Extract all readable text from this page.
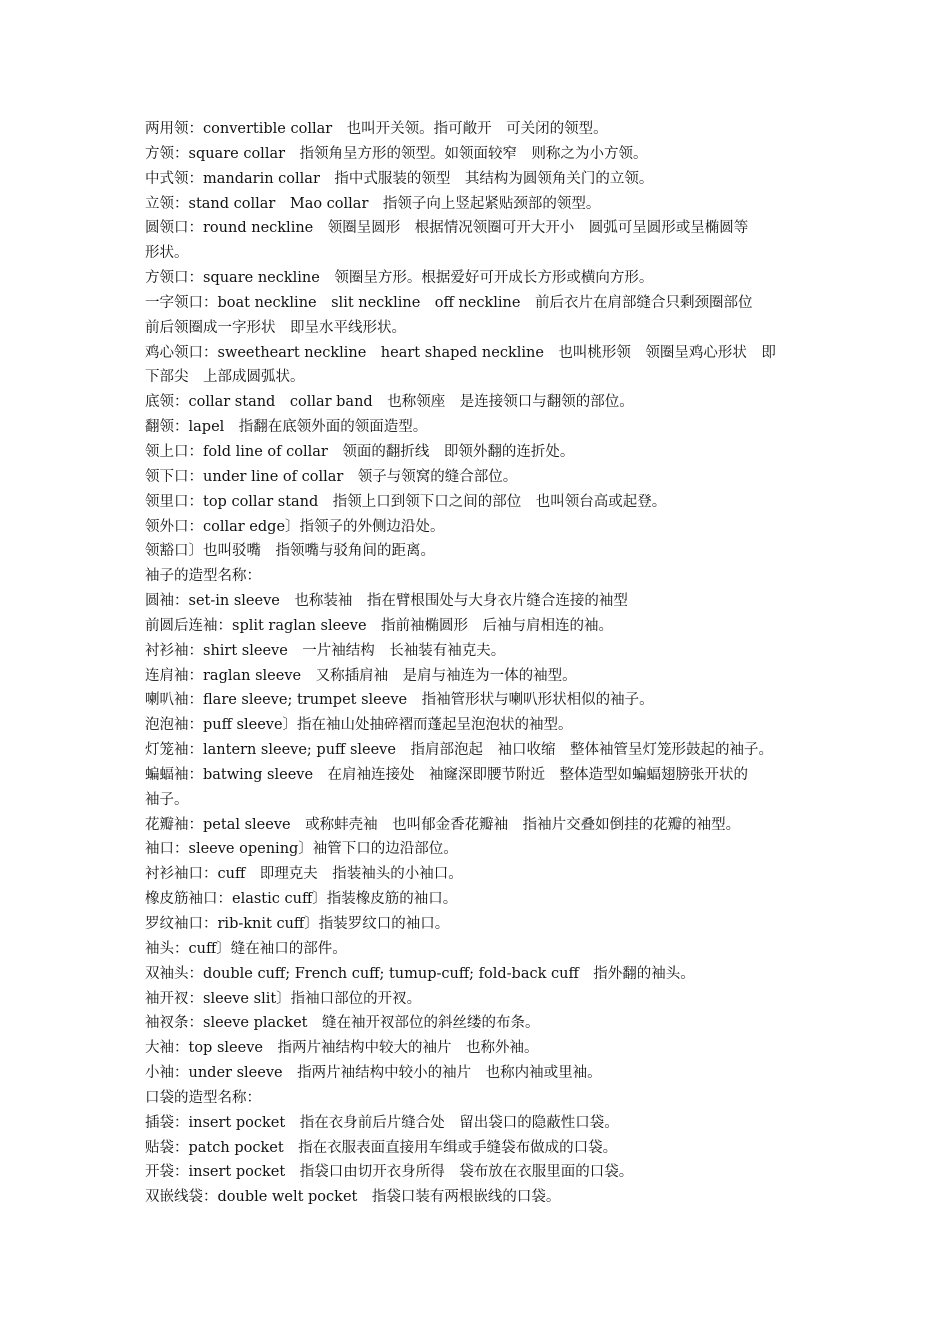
两用领：convertible collar　也叫开关领。指可敞开　可关闭的领型。
方领：square collar　指领角呈方形的领型。如领面较窄　则称之为小方领。
中式领：mandarin collar　指中式服装的领型　其结构为圆领角关门的立领。
立领：stand collar　Mao collar　指领子向上竖起紧贴颈部的领型。
圆领口：round neckline　领圈呈圆形　根据情况领圈可开大开小　圆弧可呈圆形或呈椭圆等
形状。
方领口：square neckline　领圈呈方形。根据爱好可开成长方形或横向方形。
一字领口：boat neckline　slit neckline　off neckline　前后衣片在肩部缝合只剩颈圈部位
前后领圈成一字形状　即呈水平线形状。
鸡心领口：sweetheart neckline　heart shaped neckline　也叫桃形领　领圈呈鸡心形状　即
下部尖　上部成圆弧状。
底领：collar stand　collar band　也称领座　是连接领口与翻领的部位。
翻领：lapel　指翻在底领外面的领面造型。
领上口：fold line of collar　领面的翻折线　即领外翻的连折处。
领下口：under line of collar　领子与领窝的缝合部位。
领里口：top collar stand　指领上口到领下口之间的部位　也叫领台高或起登。
领外口：collar edge〕指领子的外侧边沿处。
领豁口〕也叫驳嘴　指领嘴与驳角间的距离。
袖子的造型名称：
圆袖：set-in sleeve　也称装袖　指在臂根围处与大身衣片缝合连接的袖型
前圆后连袖：split raglan sleeve　指前袖椭圆形　后袖与肩相连的袖。
衬衫袖：shirt sleeve　一片袖结构　长袖装有袖克夫。
连肩袖：raglan sleeve　又称插肩袖　是肩与袖连为一体的袖型。
喇叭袖：flare sleeve; trumpet sleeve　指袖管形状与喇叭形状相似的袖子。
泡泡袖：puff sleeve〕指在袖山处抽碎褶而蓬起呈泡泡状的袖型。
灯笼袖：lantern sleeve; puff sleeve　指肩部泡起　袖口收缩　整体袖管呈灯笼形鼓起的袖子。
蝙蝠袖：batwing sleeve　在肩袖连接处　袖窿深即腰节附近　整体造型如蝙蝠翅膀张开状的
袖子。
花瓣袖：petal sleeve　或称蚌壳袖　也叫郁金香花瓣袖　指袖片交叠如倒挂的花瓣的袖型。
袖口：sleeve opening〕袖管下口的边沿部位。
衬衫袖口：cuff　即理克夫　指装袖头的小袖口。
橡皮筋袖口：elastic cuff〕指装橡皮筋的袖口。
罗纹袖口：rib-knit cuff〕指装罗纹口的袖口。
袖头：cuff〕缝在袖口的部件。
双袖头：double cuff; French cuff; tumup-cuff; fold-back cuff　指外翻的袖头。
袖开衩：sleeve slit〕指袖口部位的开衩。
袖衩条：sleeve placket　缝在袖开衩部位的斜丝缕的布条。
大袖：top sleeve　指两片袖结构中较大的袖片　也称外袖。
小袖：under sleeve　指两片袖结构中较小的袖片　也称内袖或里袖。
口袋的造型名称：
插袋：insert pocket　指在衣身前后片缝合处　留出袋口的隐蔽性口袋。
贴袋：patch pocket　指在衣服表面直接用车缉或手缝袋布做成的口袋。
开袋：insert pocket　指袋口由切开衣身所得　袋布放在衣服里面的口袋。
双嵌线袋：double welt pocket　指袋口装有两根嵌线的口袋。
